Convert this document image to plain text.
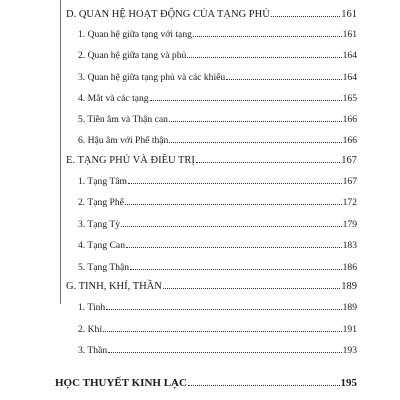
D. QUAN HỆ HOẠT ĐỘNG CỦA TẠNG PHỦ	161
1. Quan hệ giữa tạng với tạng	161
2. Quan hệ giữa tạng và phủ	164
3. Quan hệ giữa tạng phủ và các khiếu	164
4. Mắt và các tạng	165
5. Tiền âm và Thận can	166
6. Hậu âm với Phế thận	166
E. TẠNG PHỦ VÀ ĐIỀU TRỊ	167
1. Tạng Tâm	167
2. Tạng Phế	172
3. Tạng Tỳ	179
4. Tạng Can	183
5. Tạng Thận	186
G. TINH, KHÍ, THẦN	189
1. Tinh	189
2. Khí	191
3. Thần	193
HỌC THUYẾT KINH LẠC	195
